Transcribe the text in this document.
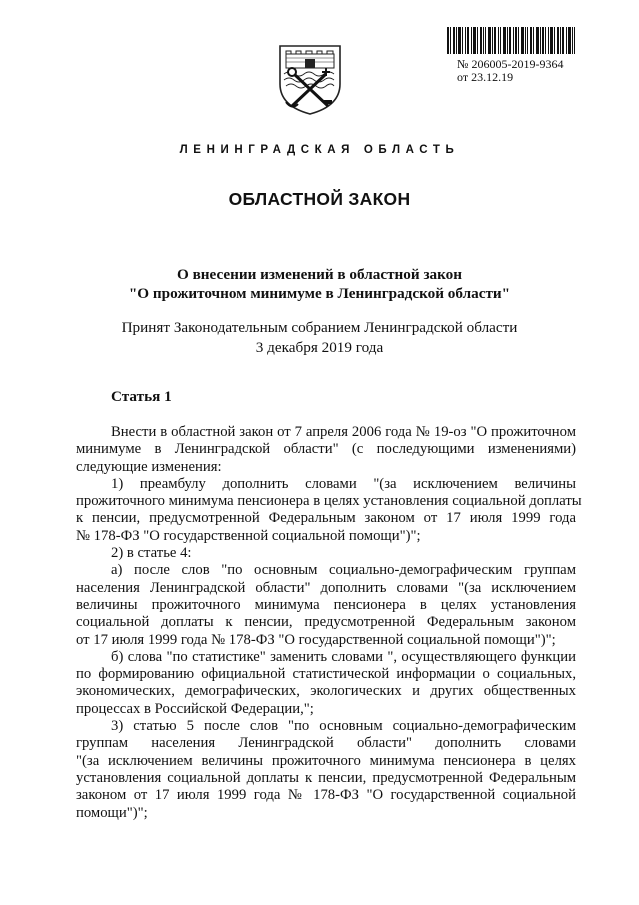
№ 206005-2019-9364
от 23.12.19
ЛЕНИНГРАДСКАЯ ОБЛАСТЬ
ОБЛАСТНОЙ ЗАКОН
О внесении изменений в областной закон
"О прожиточном минимуме в Ленинградской области"
Принят Законодательным собранием Ленинградской области
3 декабря 2019 года
Статья 1
Внести в областной закон от 7 апреля 2006 года № 19-оз "О прожиточном
минимуме в Ленинградской области" (с последующими изменениями)
следующие изменения:
1) преамбулу дополнить словами "(за исключением величины
прожиточного минимума пенсионера в целях установления социальной доплаты
к пенсии, предусмотренной Федеральным законом от 17 июля 1999 года
№ 178-ФЗ "О государственной социальной помощи")";
2) в статье 4:
а) после слов "по основным социально-демографическим группам
населения Ленинградской области" дополнить словами "(за исключением
величины прожиточного минимума пенсионера в целях установления
социальной доплаты к пенсии, предусмотренной Федеральным законом
от 17 июля 1999 года № 178-ФЗ "О государственной социальной помощи")";
б) слова "по статистике" заменить словами ", осуществляющего функции
по формированию официальной статистической информации о социальных,
экономических, демографических, экологических и других общественных
процессах в Российской Федерации,";
3) статью 5 после слов "по основным социально-демографическим
группам населения Ленинградской области" дополнить словами
"(за исключением величины прожиточного минимума пенсионера в целях
установления социальной доплаты к пенсии, предусмотренной Федеральным
законом от 17 июля 1999 года № 178-ФЗ "О государственной социальной
помощи")";
